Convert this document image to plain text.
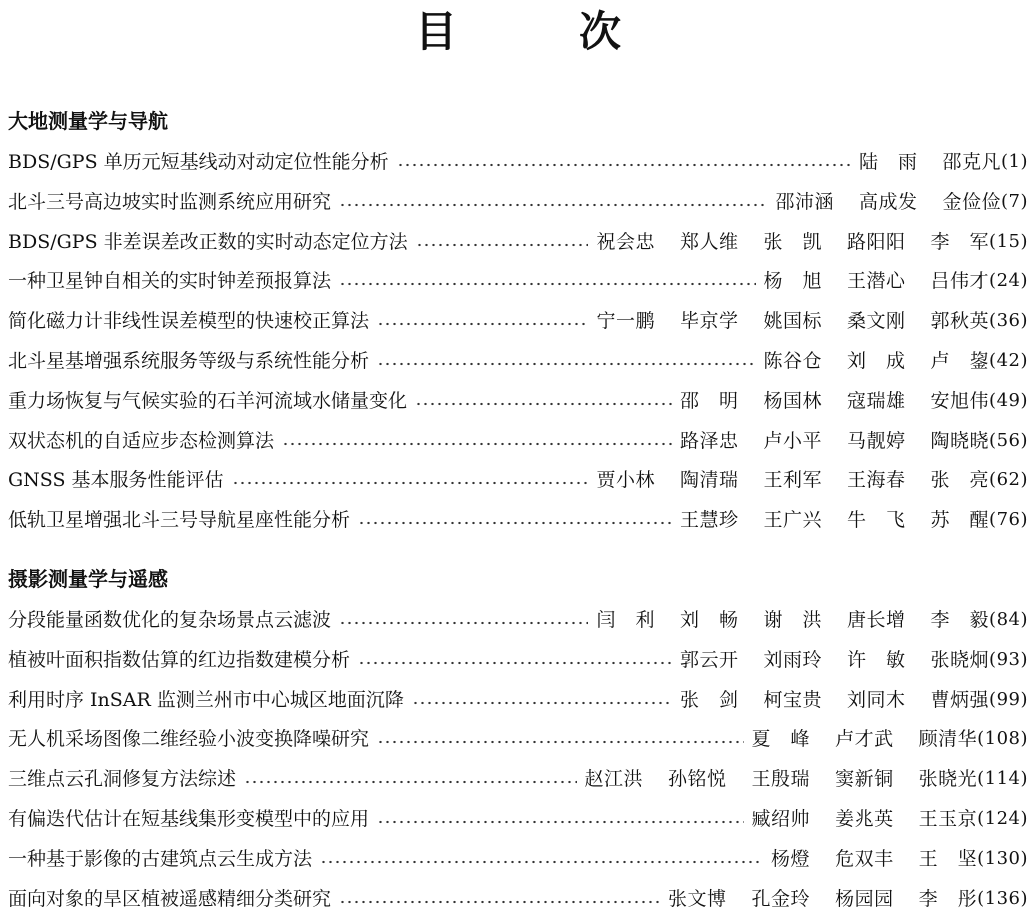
目　次
大地测量学与导航
BDS/GPS 单历元短基线动对动定位性能分析	陆　雨 邵克凡 (1)
北斗三号高边坡实时监测系统应用研究	邵沛涵 高成发 金俭俭 (7)
BDS/GPS 非差误差改正数的实时动态定位方法	祝会忠 郑人维 张　凯 路阳阳 李　军 (15)
一种卫星钟自相关的实时钟差预报算法	杨　旭 王潜心 吕伟才 (24)
简化磁力计非线性误差模型的快速校正算法	宁一鹏 毕京学 姚国标 桑文刚 郭秋英 (36)
北斗星基增强系统服务等级与系统性能分析	陈谷仓 刘　成 卢　鋆 (42)
重力场恢复与气候实验的石羊河流域水储量变化	邵　明 杨国林 寇瑞雄 安旭伟 (49)
双状态机的自适应步态检测算法	路泽忠 卢小平 马靓婷 陶晓晓 (56)
GNSS 基本服务性能评估	贾小林 陶清瑞 王利军 王海春 张　亮 (62)
低轨卫星增强北斗三号导航星座性能分析	王慧珍 王广兴 牛　飞 苏　醒 (76)
摄影测量学与遥感
分段能量函数优化的复杂场景点云滤波	闫　利 刘　畅 谢　洪 唐长增 李　毅 (84)
植被叶面积指数估算的红边指数建模分析	郭云开 刘雨玲 许　敏 张晓炯 (93)
利用时序 InSAR 监测兰州市中心城区地面沉降	张　剑 柯宝贵 刘同木 曹炳强 (99)
无人机采场图像二维经验小波变换降噪研究	夏　峰 卢才武 顾清华 (108)
三维点云孔洞修复方法综述	赵江洪 孙铭悦 王殷瑞 窦新铜 张晓光 (114)
有偏迭代估计在短基线集形变模型中的应用	臧绍帅 姜兆英 王玉京 (124)
一种基于影像的古建筑点云生成方法	杨燈 危双丰 王　坚 (130)
面向对象的旱区植被遥感精细分类研究	张文博 孔金玲 杨园园 李　彤 (136)
